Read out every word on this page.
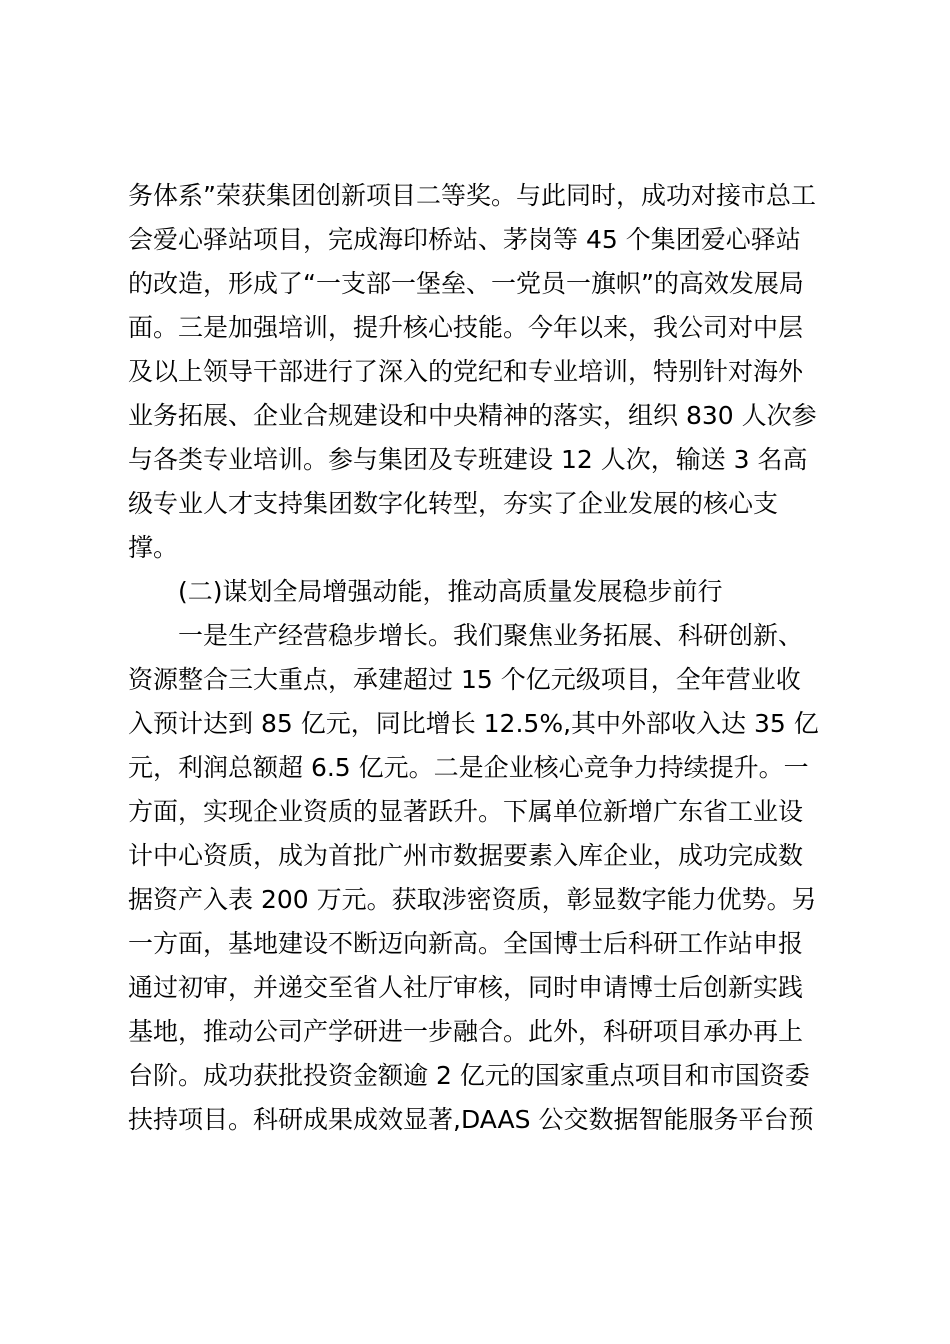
务体系”荣获集团创新项目二等奖。与此同时，成功对接市总工
会爱心驿站项目，完成海印桥站、茅岗等 45 个集团爱心驿站
的改造，形成了“一支部一堡垒、一党员一旗帜”的高效发展局
面。三是加强培训，提升核心技能。今年以来，我公司对中层
及以上领导干部进行了深入的党纪和专业培训，特别针对海外
业务拓展、企业合规建设和中央精神的落实，组织 830 人次参
与各类专业培训。参与集团及专班建设 12 人次，输送 3 名高
级专业人才支持集团数字化转型，夯实了企业发展的核心支
撑。
(二)谋划全局增强动能，推动高质量发展稳步前行
一是生产经营稳步增长。我们聚焦业务拓展、科研创新、
资源整合三大重点，承建超过 15 个亿元级项目，全年营业收
入预计达到 85 亿元，同比增长 12.5%,其中外部收入达 35 亿
元，利润总额超 6.5 亿元。二是企业核心竞争力持续提升。一
方面，实现企业资质的显著跃升。下属单位新增广东省工业设
计中心资质，成为首批广州市数据要素入库企业，成功完成数
据资产入表 200 万元。获取涉密资质，彰显数字能力优势。另
一方面，基地建设不断迈向新高。全国博士后科研工作站申报
通过初审，并递交至省人社厅审核，同时申请博士后创新实践
基地，推动公司产学研进一步融合。此外，科研项目承办再上
台阶。成功获批投资金额逾 2 亿元的国家重点项目和市国资委
扶持项目。科研成果成效显著,DAAS 公交数据智能服务平台预
